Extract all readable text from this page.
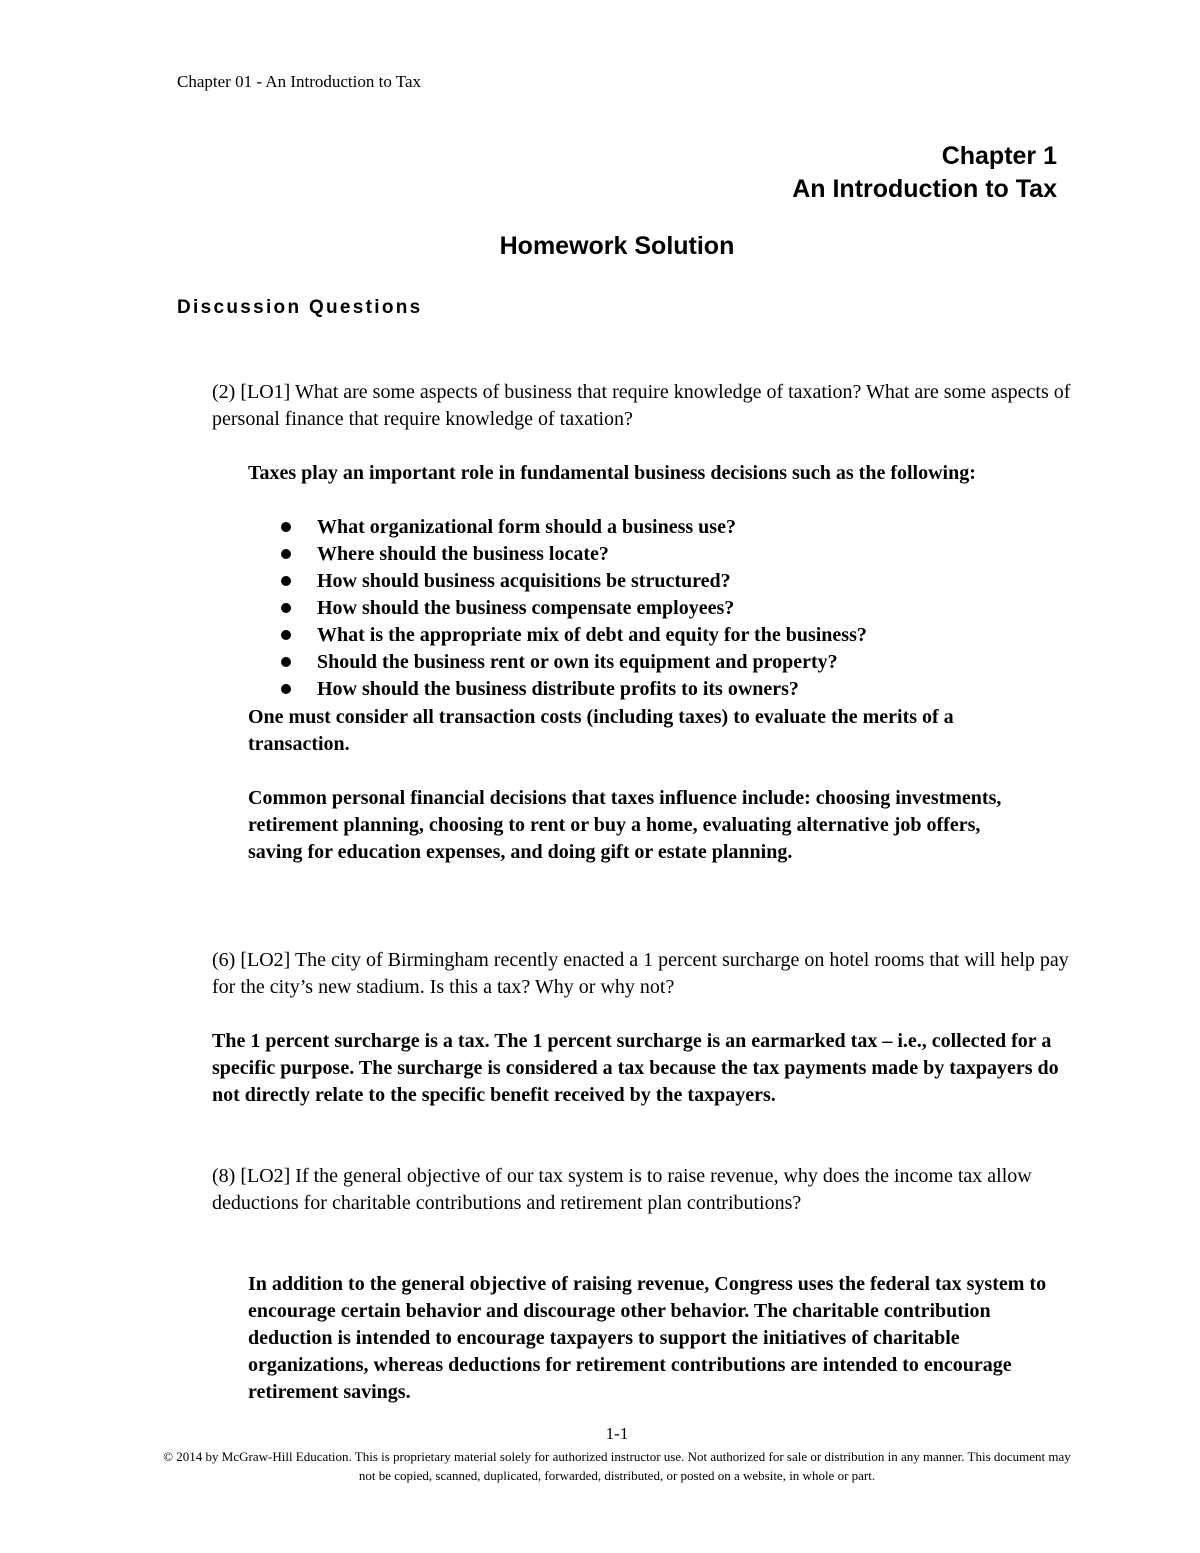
Chapter 01 - An Introduction to Tax
Chapter 1
An Introduction to Tax
Homework Solution
Discussion Questions
(2) [LO1] What are some aspects of business that require knowledge of taxation? What are some aspects of personal finance that require knowledge of taxation?
Taxes play an important role in fundamental business decisions such as the following:
What organizational form should a business use?
Where should the business locate?
How should business acquisitions be structured?
How should the business compensate employees?
What is the appropriate mix of debt and equity for the business?
Should the business rent or own its equipment and property?
How should the business distribute profits to its owners?
One must consider all transaction costs (including taxes) to evaluate the merits of a transaction.
Common personal financial decisions that taxes influence include: choosing investments, retirement planning, choosing to rent or buy a home, evaluating alternative job offers, saving for education expenses, and doing gift or estate planning.
(6) [LO2] The city of Birmingham recently enacted a 1 percent surcharge on hotel rooms that will help pay for the city’s new stadium. Is this a tax? Why or why not?
The 1 percent surcharge is a tax. The 1 percent surcharge is an earmarked tax – i.e., collected for a specific purpose. The surcharge is considered a tax because the tax payments made by taxpayers do not directly relate to the specific benefit received by the taxpayers.
(8) [LO2] If the general objective of our tax system is to raise revenue, why does the income tax allow deductions for charitable contributions and retirement plan contributions?
In addition to the general objective of raising revenue, Congress uses the federal tax system to encourage certain behavior and discourage other behavior. The charitable contribution deduction is intended to encourage taxpayers to support the initiatives of charitable organizations, whereas deductions for retirement contributions are intended to encourage retirement savings.
1-1
© 2014 by McGraw-Hill Education. This is proprietary material solely for authorized instructor use. Not authorized for sale or distribution in any manner. This document may not be copied, scanned, duplicated, forwarded, distributed, or posted on a website, in whole or part.
